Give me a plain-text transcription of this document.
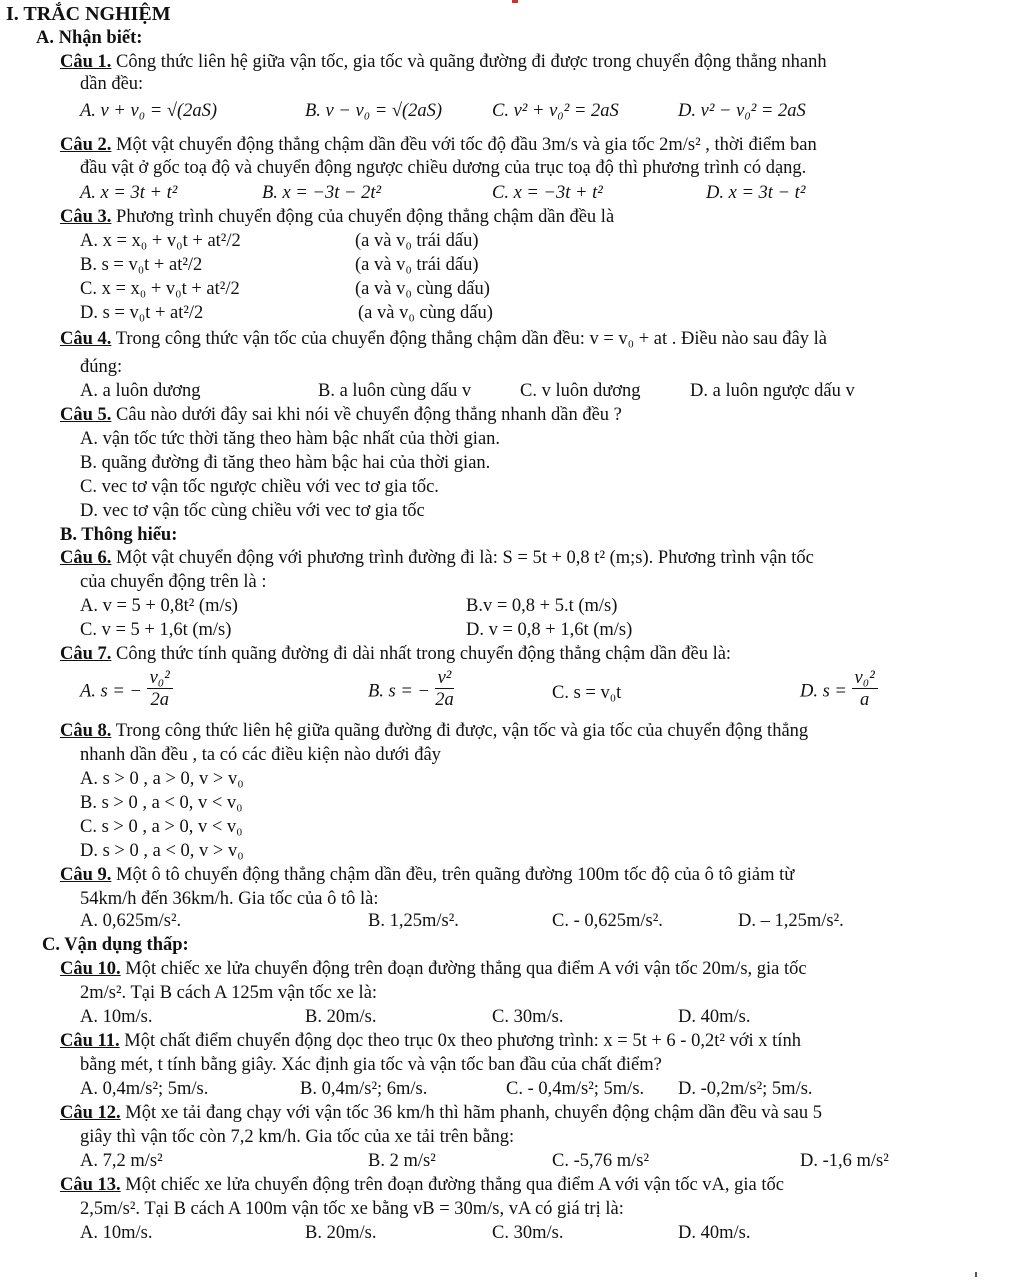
I. TRẮC NGHIỆM
A. Nhận biết:
Câu 1. Công thức liên hệ giữa vận tốc, gia tốc và quãng đường đi được trong chuyển động thẳng nhanh
dần đều:
A. v + v₀ = √(2aS)	B. v − v₀ = √(2aS)	C. v² + v₀² = 2aS	D. v² − v₀² = 2aS
Câu 2. Một vật chuyển động thẳng chậm dần đều với tốc độ đầu 3m/s và gia tốc 2m/s² , thời điểm ban
đầu vật ở gốc toạ độ và chuyển động ngược chiều dương của trục toạ độ thì phương trình có dạng.
A. x = 3t + t²	B. x = −3t − 2t²	C. x = −3t + t²	D. x = 3t − t²
Câu 3. Phương trình chuyển động của chuyển động thẳng chậm dần đều là
A. x = x₀ + v₀t + at²/2	(a và v₀ trái dấu)
B. s = v₀t + at²/2	(a và v₀ trái dấu)
C. x = x₀ + v₀t + at²/2	(a và v₀ cùng dấu)
D. s = v₀t + at²/2	(a và v₀ cùng dấu)
Câu 4. Trong công thức vận tốc của chuyển động thẳng chậm dần đều: v = v₀ + at . Điều nào sau đây là
đúng:
A. a luôn dương	B. a luôn cùng dấu v	C. v luôn dương	D. a luôn ngược dấu v
Câu 5. Câu nào dưới đây sai khi nói về chuyển động thẳng nhanh dần đều ?
A. vận tốc tức thời tăng theo hàm bậc nhất của thời gian.
B. quãng đường đi tăng theo hàm bậc hai của thời gian.
C. vec tơ vận tốc ngược chiều với vec tơ gia tốc.
D. vec tơ vận tốc cùng chiều với vec tơ gia tốc
B. Thông hiểu:
Câu 6. Một vật chuyển động với phương trình đường đi là: S = 5t + 0,8 t² (m;s). Phương trình vận tốc
của chuyển động trên là :
A. v = 5 + 0,8t² (m/s)	B.v = 0,8 + 5.t (m/s)
C. v = 5 + 1,6t (m/s)	D. v = 0,8 + 1,6t (m/s)
Câu 7. Công thức tính quãng đường đi dài nhất trong chuyển động thẳng chậm dần đều là:
A. s = − $\frac{\text{v₀²}}{2a}$	B. s = − $\frac{\text{v²}}{2a}$	C. s = v₀t	D. $s = \frac{\text{v₀²}}{a}$
Câu 8. Trong công thức liên hệ giữa quãng đường đi được, vận tốc và gia tốc của chuyển động thẳng
nhanh dần đều , ta có các điều kiện nào dưới đây
A. s > 0 , a > 0, v > v₀
B. s > 0 , a < 0, v < v₀
C. s > 0 , a > 0, v < v₀
D. s > 0 , a < 0, v > v₀
Câu 9. Một ô tô chuyển động thẳng chậm dần đều, trên quãng đường 100m tốc độ của ô tô giảm từ
54km/h đến 36km/h. Gia tốc của ô tô là:
A. 0,625m/s².	B. 1,25m/s².	C. - 0,625m/s².	D. – 1,25m/s².
C. Vận dụng thấp:
Câu 10. Một chiếc xe lửa chuyển động trên đoạn đường thẳng qua điểm A với vận tốc 20m/s, gia tốc
2m/s². Tại B cách A 125m vận tốc xe là:
A. 10m/s.	B. 20m/s.	C. 30m/s.	D. 40m/s.
Câu 11. Một chất điểm chuyển động dọc theo trục 0x theo phương trình: x = 5t + 6 - 0,2t² với x tính
bằng mét, t tính bằng giây. Xác định gia tốc và vận tốc ban đầu của chất điểm?
A. 0,4m/s²; 5m/s.	B. 0,4m/s²; 6m/s.	C. - 0,4m/s²; 5m/s. D. -0,2m/s²; 5m/s.
Câu 12. Một xe tải đang chạy với vận tốc 36 km/h thì hãm phanh, chuyển động chậm dần đều và sau 5
giây thì vận tốc còn 7,2 km/h. Gia tốc của xe tải trên bằng:
A. 7,2 m/s²	B. 2 m/s²	C. -5,76 m/s²	D. -1,6 m/s²
Câu 13. Một chiếc xe lửa chuyển động trên đoạn đường thẳng qua điểm A với vận tốc vA, gia tốc
2,5m/s². Tại B cách A 100m vận tốc xe bằng vB = 30m/s, vA có giá trị là:
A. 10m/s.	B. 20m/s.	C. 30m/s.	D. 40m/s.
